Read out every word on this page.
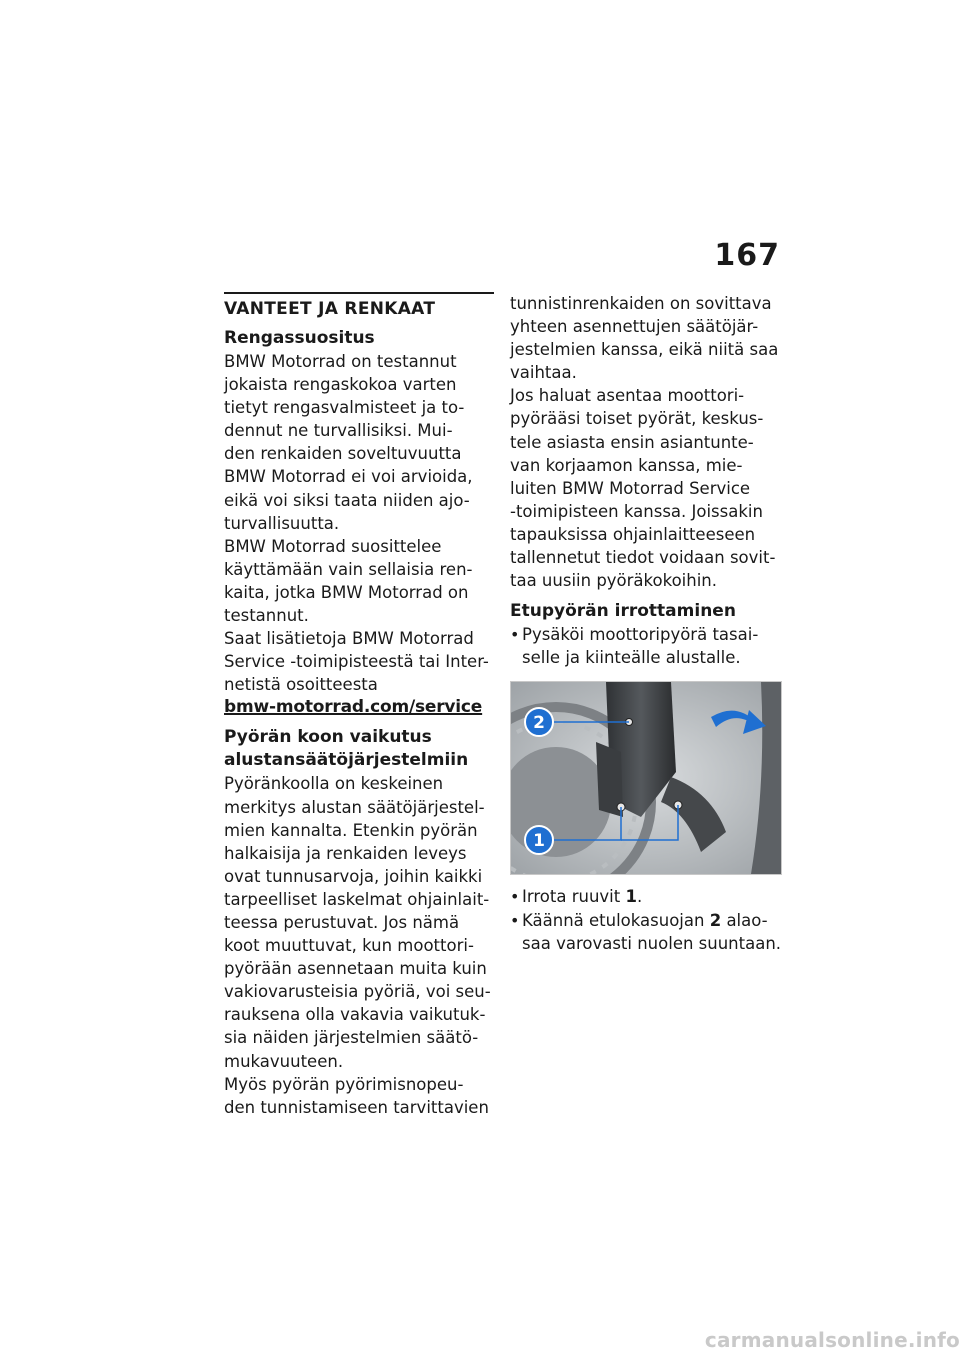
167
VANTEET JA RENKAAT
Rengassuositus

BMW Motorrad on testannut
jokaista rengaskokoa varten
tietyt rengasvalmisteet ja to-
dennut ne turvallisiksi. Mui-
den renkaiden soveltuvuutta
BMW Motorrad ei voi arvioida,
eikä voi siksi taata niiden ajo-
turvallisuutta.

BMW Motorrad suosittelee
käyttämään vain sellaisia ren-
kaita, jotka BMW Motorrad on
testannut.

Saat lisätietoja BMW Motorrad
Service -toimipisteestä tai Inter-
netistä osoitteesta

bmw-motorrad.com/service
Pyörän koon vaikutus
alustansäätöjärjestelmiin

Pyöränkoolla on keskeinen
merkitys alustan säätöjärjestel-
mien kannalta. Etenkin pyörän
halkaisija ja renkaiden leveys
ovat tunnusarvoja, joihin kaikki
tarpeelliset laskelmat ohjainlait-
teessa perustuvat. Jos nämä
koot muuttuvat, kun moottori-
pyörään asennetaan muita kuin
vakiovarusteisia pyöriä, voi seu-
rauksena olla vakavia vaikutuk-
sia näiden järjestelmien säätö-
mukavuuteen.

Myös pyörän pyörimisnopeu-
den tunnistamiseen tarvittavien

tunnistinrenkaiden on sovittava
yhteen asennettujen säätöjär-
jestelmien kanssa, eikä niitä saa
vaihtaa.

Jos haluat asentaa moottori-
pyörääsi toiset pyörät, keskus-
tele asiasta ensin asiantunte-
van korjaamon kanssa, mie-
luiten BMW Motorrad Service
-toimipisteen kanssa. Joissakin
tapauksissa ohjainlaitteeseen
tallennetut tiedot voidaan sovit-
taa uusiin pyöräkokoihin.

Etupyörän irrottaminen
• Pysäköi moottoripyörä tasai-
selle ja kiinteälle alustalle.
2
1
• Irrota ruuvit 1.
• Käännä etulokasuojan 2 alao-
saa varovasti nuolen suuntaan.
carmanualsonline.info
